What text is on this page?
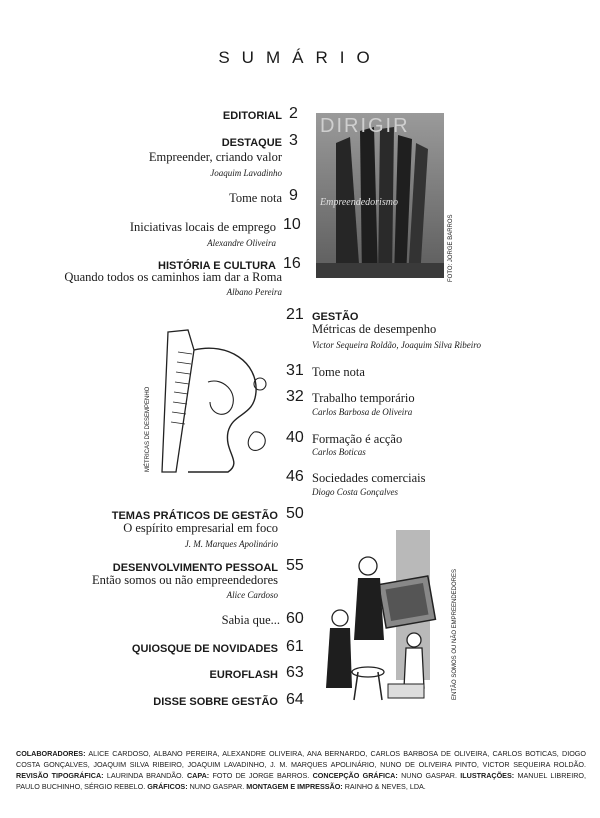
SUMÁRIO
EDITORIAL 2
DESTAQUE 3
Empreender, criando valor
Joaquim Lavadinho
Tome nota 9
Iniciativas locais de emprego 10
Alexandre Oliveira
HISTÓRIA E CULTURA 16
Quando todos os caminhos iam dar a Roma
Albano Pereira
DIRIGIR
Empreendedorismo
FOTO: JORGE BARROS
21 GESTÃO
Métricas de desempenho
Victor Sequeira Roldão, Joaquim Silva Ribeiro
31 Tome nota
32 Trabalho temporário
Carlos Barbosa de Oliveira
40 Formação é acção
Carlos Boticas
46 Sociedades comerciais
Diogo Costa Gonçalves
MÉTRICAS DE DESEMPENHO
TEMAS PRÁTICOS DE GESTÃO 50
O espírito empresarial em foco
J. M. Marques Apolinário
DESENVOLVIMENTO PESSOAL 55
Então somos ou não empreendedores
Alice Cardoso
Sabia que... 60
QUIOSQUE DE NOVIDADES 61
EUROFLASH 63
DISSE SOBRE GESTÃO 64	ENTÃO SOMOS OU NÃO EMPREENDEDORES
COLABORADORES: ALICE CARDOSO, ALBANO PEREIRA, ALEXANDRE OLIVEIRA, ANA BERNARDO, CARLOS BARBOSA DE OLIVEIRA, CARLOS BOTICAS, DIOGO COSTA GONÇALVES, JOAQUIM SILVA RIBEIRO, JOAQUIM LAVADINHO, J. M. MARQUES APOLINÁRIO, NUNO DE OLIVEIRA PINTO, VICTOR SEQUEIRA ROLDÃO. REVISÃO TIPOGRÁFICA: LAURINDA BRANDÃO. CAPA: FOTO DE JORGE BARROS. CONCEPÇÃO GRÁFICA: NUNO GASPAR. ILUSTRAÇÕES: MANUEL LIBREIRO, PAULO BUCHINHO, SÉRGIO REBELO. GRÁFICOS: NUNO GASPAR. MONTAGEM E IMPRESSÃO: RAINHO & NEVES, LDA.
